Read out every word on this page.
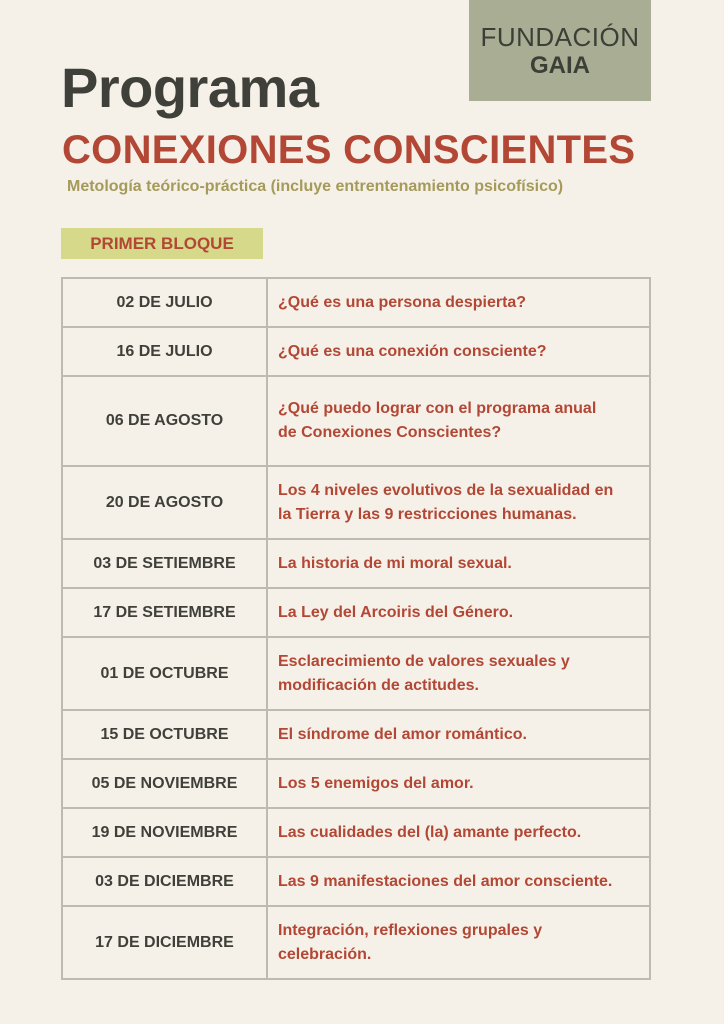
FUNDACIÓN
GAIA
Programa
CONEXIONES CONSCIENTES

Metología teórico-práctica (incluye entrentenamiento psicofísico)

PRIMER BLOQUE
02 DE JULIO	¿Qué es una persona despierta?

16 DE JULIO	¿Qué es una conexión consciente?

06 DE AGOSTO	¿Qué puedo lograr con el programa anual
de Conexiones Conscientes?

20 DE AGOSTO	Los 4 niveles evolutivos de la sexualidad en
la Tierra y las 9 restricciones humanas.

03 DE SETIEMBRE	La historia de mi moral sexual.

17 DE SETIEMBRE	La Ley del Arcoiris del Género.

01 DE OCTUBRE	Esclarecimiento de valores sexuales y
modificación de actitudes.

15 DE OCTUBRE	El síndrome del amor romántico.

05 DE NOVIEMBRE	Los 5 enemigos del amor.

19 DE NOVIEMBRE	Las cualidades del (la) amante perfecto.

03 DE DICIEMBRE	Las 9 manifestaciones del amor consciente.

17 DE DICIEMBRE	Integración, reflexiones grupales y
celebración.
